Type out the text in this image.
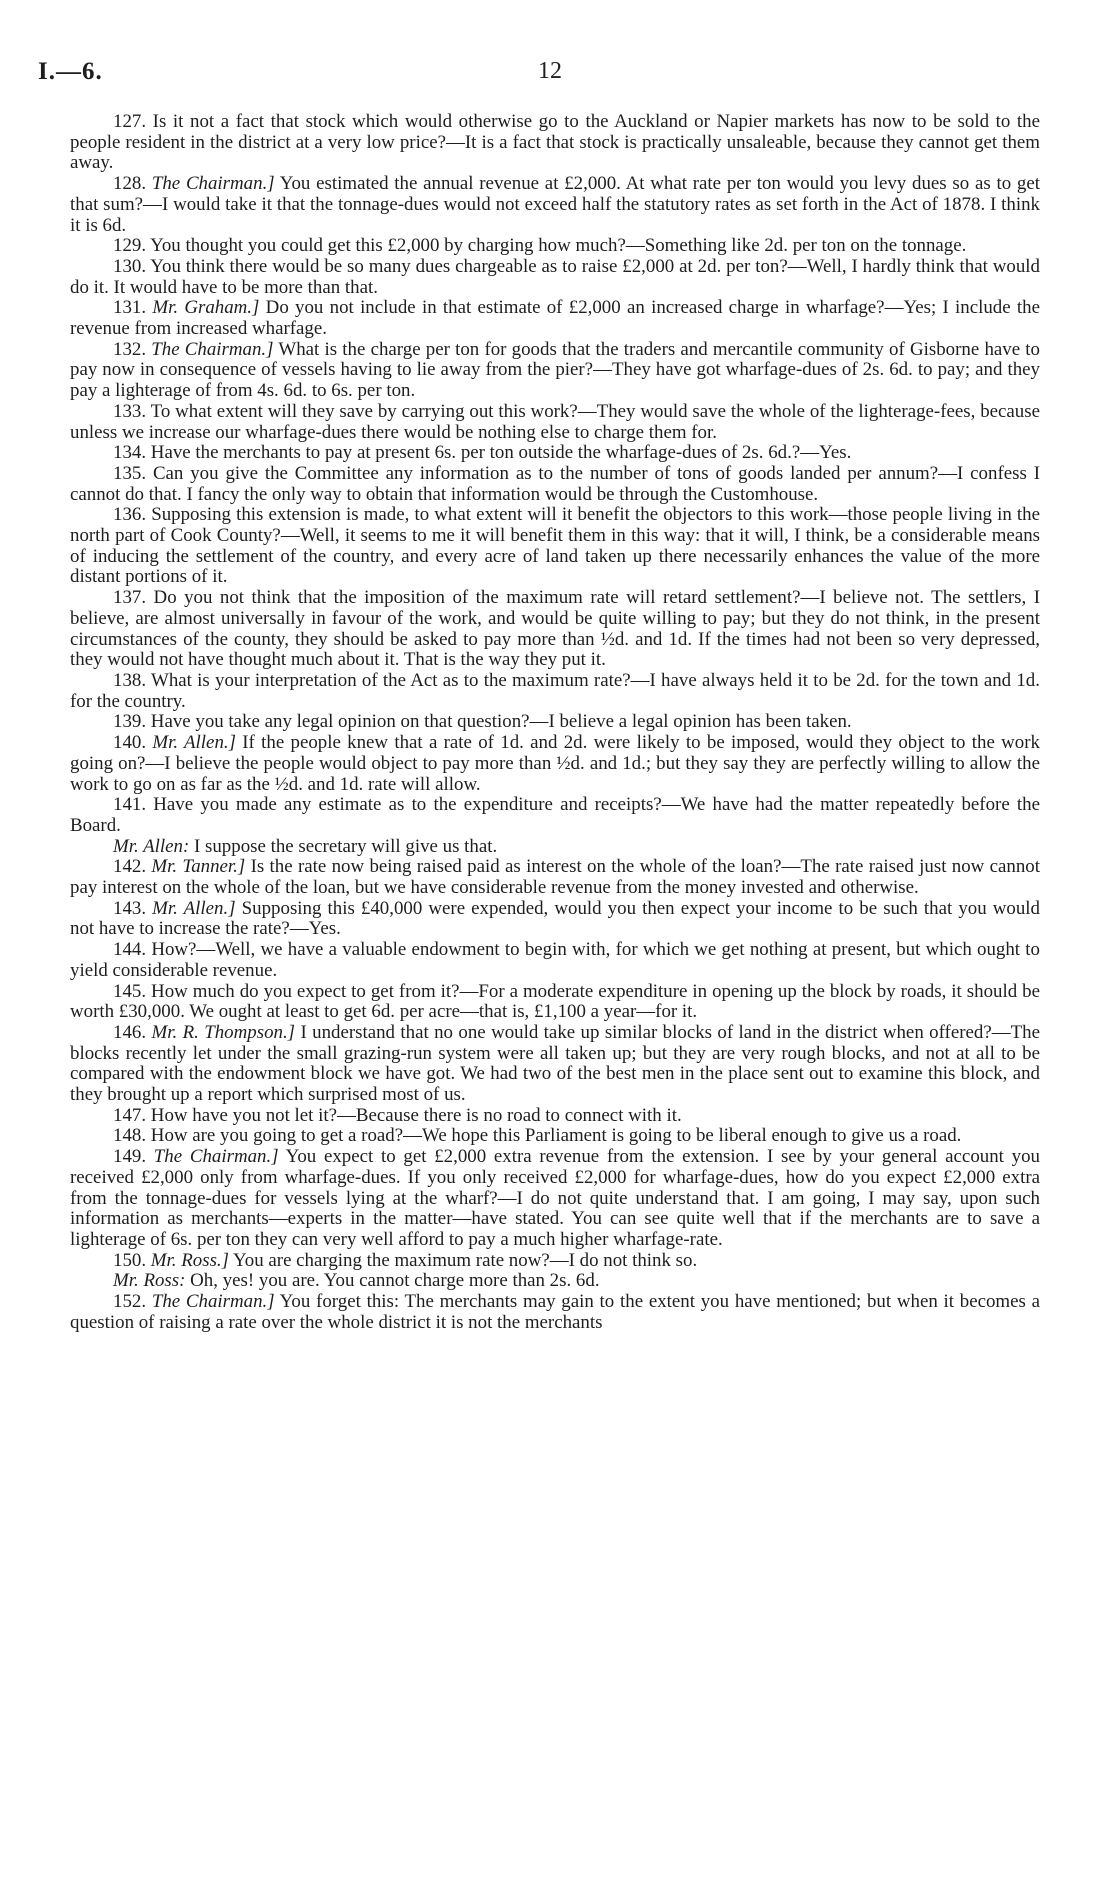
I.—6.	12

127. Is it not a fact that stock which would otherwise go to the Auckland or Napier markets has now to be sold to the people resident in the district at a very low price?—It is a fact that stock is practically unsaleable, because they cannot get them away.

128. The Chairman.] You estimated the annual revenue at £2,000. At what rate per ton would you levy dues so as to get that sum?—I would take it that the tonnage-dues would not exceed half the statutory rates as set forth in the Act of 1878. I think it is 6d.

129. You thought you could get this £2,000 by charging how much?—Something like 2d. per ton on the tonnage.

130. You think there would be so many dues chargeable as to raise £2,000 at 2d. per ton?—Well, I hardly think that would do it. It would have to be more than that.

131. Mr. Graham.] Do you not include in that estimate of £2,000 an increased charge in wharfage?—Yes; I include the revenue from increased wharfage.

132. The Chairman.] What is the charge per ton for goods that the traders and mercantile community of Gisborne have to pay now in consequence of vessels having to lie away from the pier?—They have got wharfage-dues of 2s. 6d. to pay; and they pay a lighterage of from 4s. 6d. to 6s. per ton.

133. To what extent will they save by carrying out this work?—They would save the whole of the lighterage-fees, because unless we increase our wharfage-dues there would be nothing else to charge them for.

134. Have the merchants to pay at present 6s. per ton outside the wharfage-dues of 2s. 6d.?—Yes.

135. Can you give the Committee any information as to the number of tons of goods landed per annum?—I confess I cannot do that. I fancy the only way to obtain that information would be through the Customhouse.

136. Supposing this extension is made, to what extent will it benefit the objectors to this work—those people living in the north part of Cook County?—Well, it seems to me it will benefit them in this way: that it will, I think, be a considerable means of inducing the settlement of the country, and every acre of land taken up there necessarily enhances the value of the more distant portions of it.

137. Do you not think that the imposition of the maximum rate will retard settlement?—I believe not. The settlers, I believe, are almost universally in favour of the work, and would be quite willing to pay; but they do not think, in the present circumstances of the county, they should be asked to pay more than ½d. and 1d. If the times had not been so very depressed, they would not have thought much about it. That is the way they put it.

138. What is your interpretation of the Act as to the maximum rate?—I have always held it to be 2d. for the town and 1d. for the country.

139. Have you take any legal opinion on that question?—I believe a legal opinion has been taken.

140. Mr. Allen.] If the people knew that a rate of 1d. and 2d. were likely to be imposed, would they object to the work going on?—I believe the people would object to pay more than ½d. and 1d.; but they say they are perfectly willing to allow the work to go on as far as the ½d. and 1d. rate will allow.

141. Have you made any estimate as to the expenditure and receipts?—We have had the matter repeatedly before the Board.

Mr. Allen: I suppose the secretary will give us that.

142. Mr. Tanner.] Is the rate now being raised paid as interest on the whole of the loan?—The rate raised just now cannot pay interest on the whole of the loan, but we have considerable revenue from the money invested and otherwise.

143. Mr. Allen.] Supposing this £40,000 were expended, would you then expect your income to be such that you would not have to increase the rate?—Yes.

144. How?—Well, we have a valuable endowment to begin with, for which we get nothing at present, but which ought to yield considerable revenue.

145. How much do you expect to get from it?—For a moderate expenditure in opening up the block by roads, it should be worth £30,000. We ought at least to get 6d. per acre—that is, £1,100 a year—for it.

146. Mr. R. Thompson.] I understand that no one would take up similar blocks of land in the district when offered?—The blocks recently let under the small grazing-run system were all taken up; but they are very rough blocks, and not at all to be compared with the endowment block we have got. We had two of the best men in the place sent out to examine this block, and they brought up a report which surprised most of us.

147. How have you not let it?—Because there is no road to connect with it.

148. How are you going to get a road?—We hope this Parliament is going to be liberal enough to give us a road.

149. The Chairman.] You expect to get £2,000 extra revenue from the extension. I see by your general account you received £2,000 only from wharfage-dues. If you only received £2,000 for wharfage-dues, how do you expect £2,000 extra from the tonnage-dues for vessels lying at the wharf?—I do not quite understand that. I am going, I may say, upon such information as merchants—experts in the matter—have stated. You can see quite well that if the merchants are to save a lighterage of 6s. per ton they can very well afford to pay a much higher wharfage-rate.

150. Mr. Ross.] You are charging the maximum rate now?—I do not think so.

Mr. Ross: Oh, yes! you are. You cannot charge more than 2s. 6d.

152. The Chairman.] You forget this: The merchants may gain to the extent you have mentioned; but when it becomes a question of raising a rate over the whole district it is not the merchants
